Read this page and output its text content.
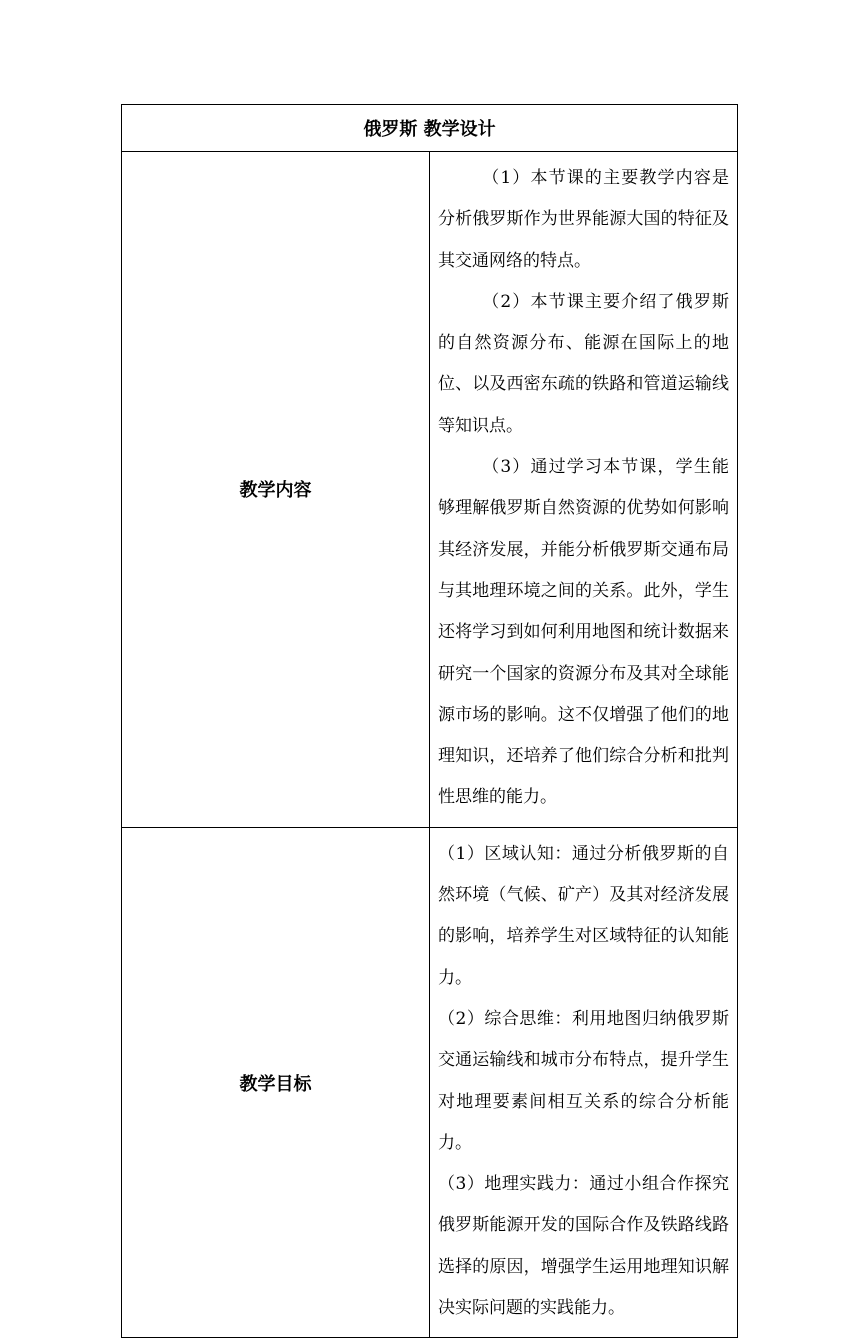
俄罗斯 教学设计	
教学内容	（1）本节课的主要教学内容是分析俄罗斯作为世界能源大国的特征及其交通网络的特点。

（2）本节课主要介绍了俄罗斯的自然资源分布、能源在国际上的地位、以及西密东疏的铁路和管道运输线等知识点。

（3）通过学习本节课，学生能够理解俄罗斯自然资源的优势如何影响其经济发展，并能分析俄罗斯交通布局与其地理环境之间的关系。此外，学生还将学习到如何利用地图和统计数据来研究一个国家的资源分布及其对全球能源市场的影响。这不仅增强了他们的地理知识，还培养了他们综合分析和批判性思维的能力。

教学目标	（1）区域认知：通过分析俄罗斯的自然环境（气候、矿产）及其对经济发展的影响，培养学生对区域特征的认知能力。

（2）综合思维：利用地图归纳俄罗斯交通运输线和城市分布特点，提升学生对地理要素间相互关系的综合分析能力。

（3）地理实践力：通过小组合作探究俄罗斯能源开发的国际合作及铁路线路选择的原因，增强学生运用地理知识解决实际问题的实践能力。
